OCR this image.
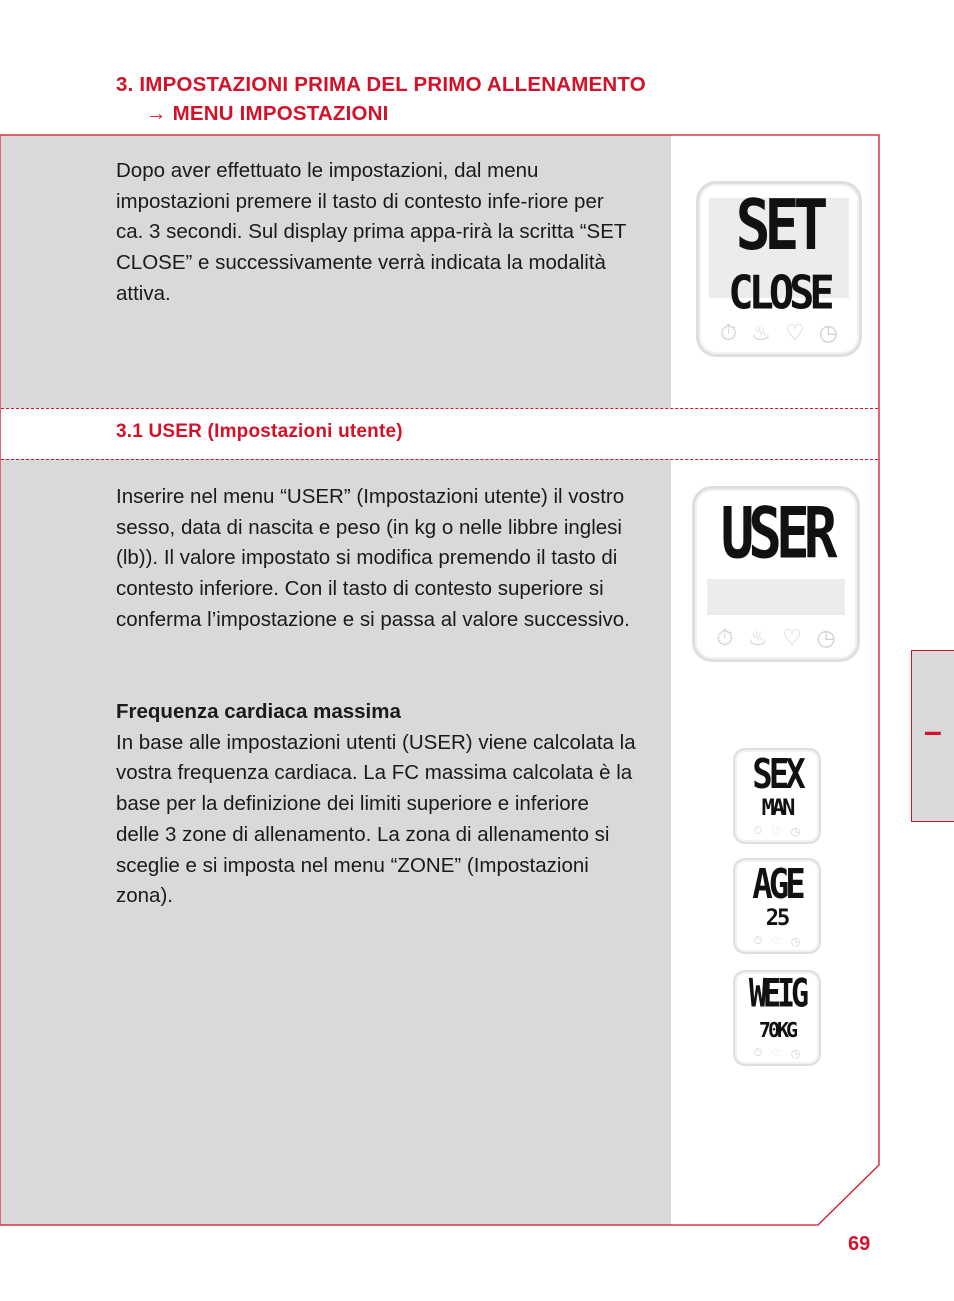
3. IMPOSTAZIONI PRIMA DEL PRIMO ALLENAMENTO
→ MENU IMPOSTAZIONI

Dopo aver effettuato le impostazioni, dal menu impostazioni premere il tasto di contesto infe-riore per ca. 3 secondi. Sul display prima appa-rirà la scritta “SET CLOSE” e successivamente verrà indicata la modalità attiva.

3.1 USER (Impostazioni utente)

Inserire nel menu “USER” (Impostazioni utente) il vostro sesso, data di nascita e peso (in kg o nelle libbre inglesi (lb)). Il valore impostato si modifica premendo il tasto di contesto inferiore. Con il tasto di contesto superiore si conferma l’impostazione e si passa al valore successivo.

Frequenza cardiaca massima
In base alle impostazioni utenti (USER) viene calcolata la vostra frequenza cardiaca. La FC massima calcolata è la base per la definizione dei limiti superiore e inferiore delle 3 zone di allenamento. La zona di allenamento si sceglie e si imposta nel menu “ZONE” (Impostazioni zona).

SET
CLOSE
⏱ ♨ ♡ ◷
USER
⏱ ♨ ♡ ◷
SEX
MAN
⏱ ♡ ◷
AGE
25
⏱ ♡ ◷
WEIG
70KG
⏱ ♡ ◷
–
69
